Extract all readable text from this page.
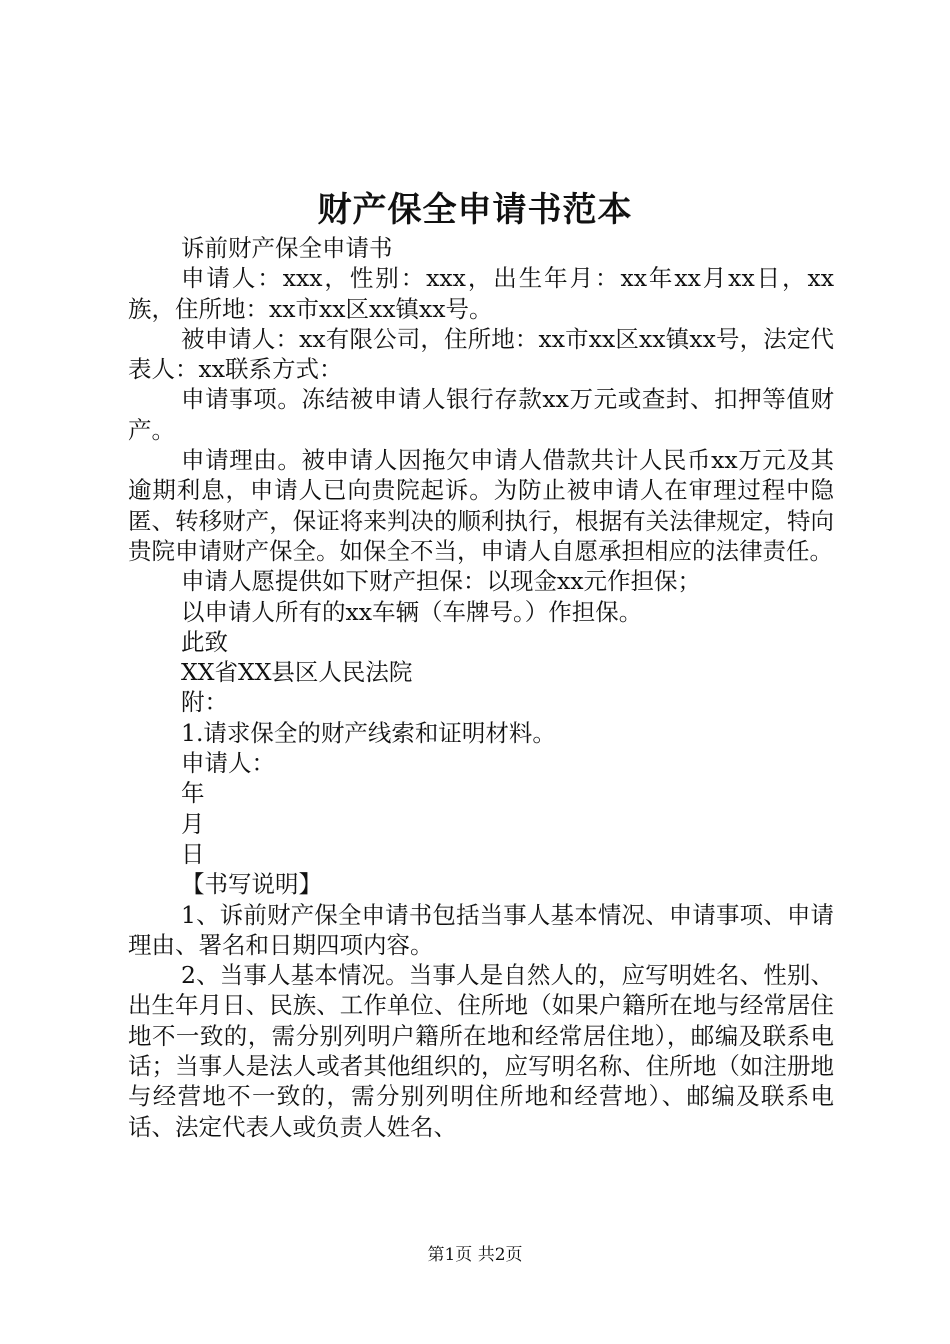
财产保全申请书范本

诉前财产保全申请书

申请人：xxx，性别：xxx，出生年月：xx年xx月xx日，xx族，住所地：xx市xx区xx镇xx号。

被申请人：xx有限公司，住所地：xx市xx区xx镇xx号，法定代表人：xx联系方式：

申请事项。冻结被申请人银行存款xx万元或查封、扣押等值财产。

申请理由。被申请人因拖欠申请人借款共计人民币xx万元及其逾期利息，申请人已向贵院起诉。为防止被申请人在审理过程中隐匿、转移财产，保证将来判决的顺利执行，根据有关法律规定，特向贵院申请财产保全。如保全不当，申请人自愿承担相应的法律责任。

申请人愿提供如下财产担保：以现金xx元作担保；

以申请人所有的xx车辆（车牌号。）作担保。

此致

XX省XX县区人民法院

附：

1.请求保全的财产线索和证明材料。

申请人：

年

月

日

【书写说明】

1、诉前财产保全申请书包括当事人基本情况、申请事项、申请理由、署名和日期四项内容。

2、当事人基本情况。当事人是自然人的，应写明姓名、性别、出生年月日、民族、工作单位、住所地（如果户籍所在地与经常居住地不一致的，需分别列明户籍所在地和经常居住地），邮编及联系电话；当事人是法人或者其他组织的，应写明名称、住所地（如注册地与经营地不一致的，需分别列明住所地和经营地）、邮编及联系电话、法定代表人或负责人姓名、

第1页 共2页
